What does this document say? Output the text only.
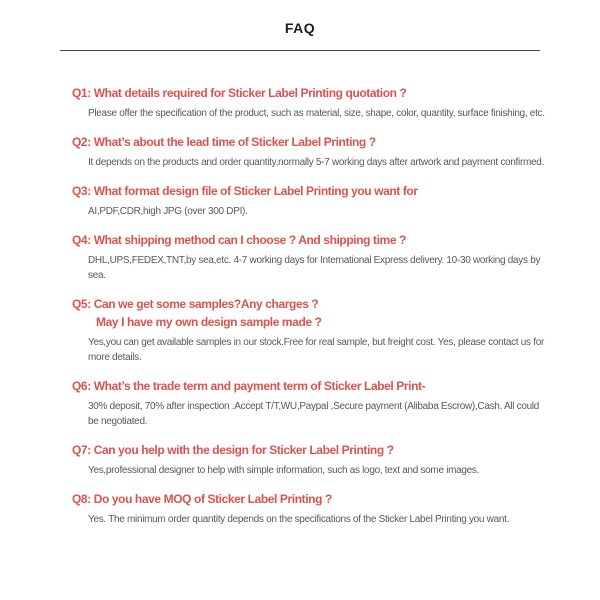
FAQ
Q1: What details required for Sticker Label Printing quotation ?

Please offer the specification of the product, such as material, size, shape, color, quantity, surface finishing, etc.

Q2: What’s about the lead time of Sticker Label Printing ?

It depends on the products and order quantity,normally 5-7 working days after artwork and payment confirmed.

Q3: What format design file of Sticker Label Printing you want for

AI,PDF,CDR,high JPG (over 300 DPI).

Q4: What shipping method can I choose ? And shipping time ?

DHL,UPS,FEDEX,TNT,by sea,etc. 4-7 working days for International Express delivery. 10-30 working days by sea.

Q5: Can we get some samples?Any charges ?
May I have my own design sample made ?

Yes,you can get available samples in our stock.Free for real sample, but freight cost. Yes, please contact us for more details.

Q6: What’s the trade term and payment term of Sticker Label Print-

30% deposit, 70% after inspection .Accept T/T,WU,Paypal ,Secure payment (Alibaba Escrow),Cash. All could be negotiated.

Q7: Can you help with the design for Sticker Label Printing ?

Yes,professional designer to help with simple information, such as logo, text and some images.

Q8: Do you have MOQ of Sticker Label Printing ?

Yes. The minimum order quantity depends on the specifications of the Sticker Label Printing you want.
